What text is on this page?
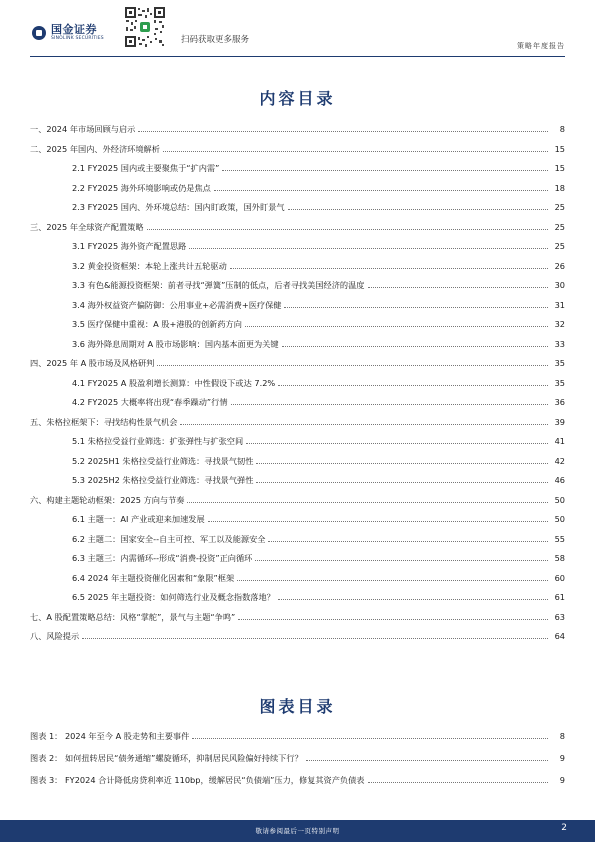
国金证券
SINOLINK SECURITIES	扫码获取更多服务
策略年度报告
内容目录
一、2024 年市场回顾与启示	8
二、2025 年国内、外经济环境解析	15
2.1 FY2025 国内或主要聚焦于“扩内需”	15
2.2 FY2025 海外环境影响或仍是焦点	18
2.3 FY2025 国内、外环境总结：国内盯政策，国外盯景气	25
三、2025 年全球资产配置策略	25
3.1 FY2025 海外资产配置思路	25
3.2 黄金投资框架：本轮上涨共计五轮驱动	26
3.3 有色&能源投资框架：前者寻找“弹簧”压制的低点，后者寻找美国经济的温度	30
3.4 海外权益资产偏防御：公用事业+必需消费+医疗保健	31
3.5 医疗保健中重视：A 股+港股的创新药方向	32
3.6 海外降息周期对 A 股市场影响：国内基本面更为关键	33
四、2025 年 A 股市场及风格研判	35
4.1 FY2025 A 股盈利增长测算：中性假设下或达 7.2%	35
4.2 FY2025 大概率将出现“春季躁动”行情	36
五、朱格拉框架下：寻找结构性景气机会	39
5.1 朱格拉受益行业筛选：扩张弹性与扩张空间	41
5.2 2025H1 朱格拉受益行业筛选：寻找景气韧性	42
5.3 2025H2 朱格拉受益行业筛选：寻找景气弹性	46
六、构建主题轮动框架：2025 方向与节奏	50
6.1 主题一：AI 产业或迎来加速发展	50
6.2 主题二：国家安全--自主可控、军工以及能源安全	55
6.3 主题三：内需循环--形成“消费-投资”正向循环	58
6.4 2024 年主题投资催化因素和“象限”框架	60
6.5 2025 年主题投资：如何筛选行业及概念指数落地？	61
七、A 股配置策略总结：风格“掌舵”，景气与主题“争鸣”	63
八、风险提示	64
图表目录
图表 1： 2024 年至今 A 股走势和主要事件	8
图表 2： 如何扭转居民“债务通缩”螺旋循环，抑制居民风险偏好持续下行？	9
图表 3： FY2024 合计降低房贷利率近 110bp，缓解居民“负债端”压力，修复其资产负债表	9
敬请参阅最后一页特别声明	2
